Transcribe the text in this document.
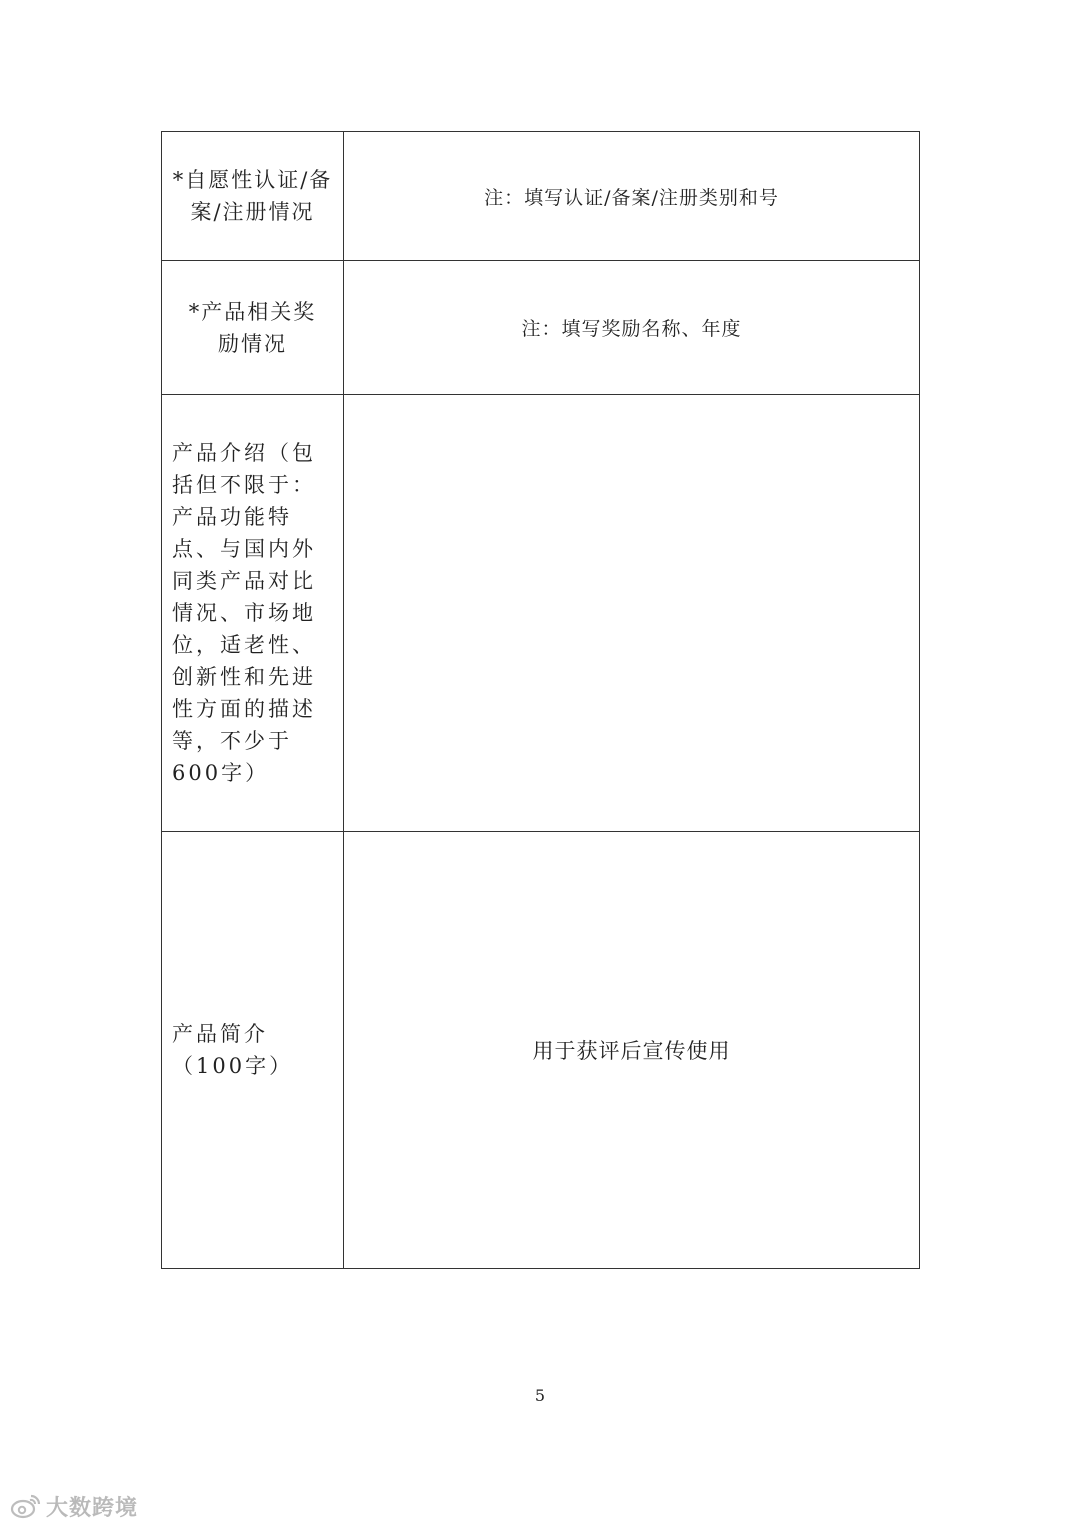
*自愿性认证/备案/注册情况	注：填写认证/备案/注册类别和号

*产品相关奖励情况	注：填写奖励名称、年度

产品介绍（包括但不限于：产品功能特点、与国内外同类产品对比情况、市场地位，适老性、创新性和先进性方面的描述等，不少于600字）	

产品简介（100字）	用于获评后宣传使用
5
大数跨境
